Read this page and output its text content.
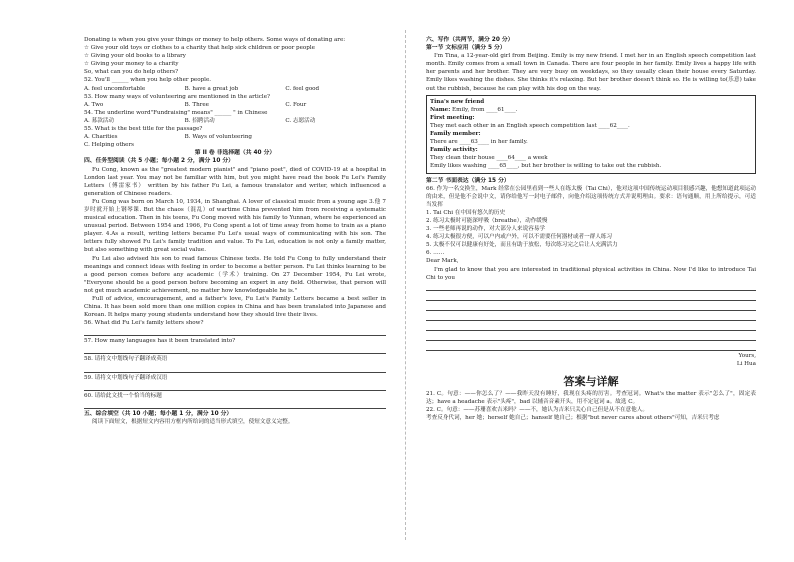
Donating is when you give your things or money to help others. Some ways of donating are:
☆ Give your old toys or clothes to a charity that help sick children or poor people
☆ Giving your old books to a library
☆ Giving your money to a charity
So, what can you do help others?
52. You'll ______ when you help other people.
A. feel uncomfortable	B. have a great job	C. feel good
53. How many ways of volunteering are mentioned in the article?
A. Two	B. Three	C. Four
54. The underline word"Fundraising" means" ______ " in Chinese
A. 募款活动	B. 招聘活动	C. 志愿活动
55. What is the best title for the passage?
A. Charities	B. Ways of volunteering
C. Helping others
第 II 卷 非选择题（共 40 分）
四、任务型阅读（共 5 小题；每小题 2 分，满分 10 分）
Fu Cong, known as the "greatest modern pianist" and "piano poet", died of COVID-19 at a hospital in London last year. You may not be familiar with him, but you might have read the book Fu Lei's Family Letters（傅雷家书） written by his father Fu Lei, a famous translator and writer, which influenced a generation of Chinese readers.
Fu Cong was born on March 10, 1934, in Shanghai. A lover of classical music from a young age 3.他 7 岁时就开始上钢琴课. But the chaos（混乱）of wartime China prevented him from receiving a systematic musical education. Then in his teens, Fu Cong moved with his family to Yunnan, where he experienced an unusual period. Between 1954 and 1966, Fu Cong spent a lot of time away from home to train as a piano player. 4.As a result, writing letters became Fu Lei's usual ways of communicating with his son. The letters fully showed Fu Lei's family tradition and value. To Fu Lei, education is not only a family matter, but also something with great social value.
Fu Lei also advised his son to read famous Chinese texts. He told Fu Cong to fully understand their meanings and connect ideas with feeling in order to become a better person. Fu Lei thinks learning to be a good person comes before any academic（学术）training. On 27 December 1954, Fu Lei wrote, "Everyone should be a good person before becoming an expert in any field. Otherwise, that person will not get much academic achievement, no matter how knowledgeable he is."
Full of advice, encouragement, and a father's love, Fu Lei's Family Letters became a best seller in China. It has been sold more than one million copies in China and has been translated into Japanese and Korean. It helps many young students understand how they should live their lives.
56. What did Fu Lei's family letters show?
57. How many languages has it been translated into?
58. 请将文中划线句子翻译成英语
59. 请将文中划线句子翻译成汉语
60. 请给此文找一个恰当的标题
五、综合填空（共 10 小题；每小题 1 分，满分 10 分）
阅读下面短文，根据短文内容用方框内所给词的适当形式填空，使短文意义完整。
六、写作（共两节，满分 20 分）
第一节 文标应用（满分 5 分）
I'm Tina, a 12-year-old girl from Beijing. Emily is my new friend. I met her in an English speech competition last month. Emily comes from a small town in Canada. There are four people in her family. Emily lives a happy life with her parents and her brother. They are very busy on weekdays, so they usually clean their house every Saturday. Emily likes washing the dishes. She thinks it's relaxing. But her brother doesn't think so. He is willing to(乐意) take out the rubbish, because he can play with his dog on the way.
Tina's new friend
Name: Emily, from ____61____.
First meeting:
They met each other in an English speech competition last ____62____.
Family member:
There are ____63____ in her family.
Family activity:
They clean their house ____64____ a week
Emily likes washing ____65____, but her brother is willing to take out the rubbish.
第二节 书面表达（满分 15 分）
66. 作为一名交换生，Mark 经常在公园里看到一些人在练太极（Tai Chi），他对这项中国传统运动项目很感兴趣，他想知道此项运动的由来，但是他不会说中文，请你给他写一封电子邮件，向他介绍这项传统方式并说明理由。要求：语句通顺，用上所给提示，可适当发挥
1. Tai Chi 在中国有悠久的历史
2. 练习太极时可能深呼吸（breathe），动作缓慢
3. 一些老师再说的动作，对大部分人来说容易学
4. 练习太极很方便，可以户内或户外，可以不需要任何器材或者一群人练习
5. 太极不仅可以健康有好处，而且有助于放松，每次练习完之后让人充满活力
6. ……
Dear Mark,
I'm glad to know that you are interested in traditional physical activities in China. Now I'd like to introduce Tai Chi to you
Yours,
Li Hua
答案与详解
21. C。句意：——你怎么了？——我昨天没有睡好，我现在头疼的厉害。考查冠词。What's the matter 表示"怎么了"，固定表达；have a headache 表示"头疼"，bad 以辅音音素开头，用不定冠词 a。故选 C。
22. C。句意：——苏珊喜欢吉米吗？——不，她认为吉米只关心自己但是从不在意他人。
考查反身代词，her 她；herself 她自己；hanself 她自己；根据"but never cares about others"可知，吉米只考虑
